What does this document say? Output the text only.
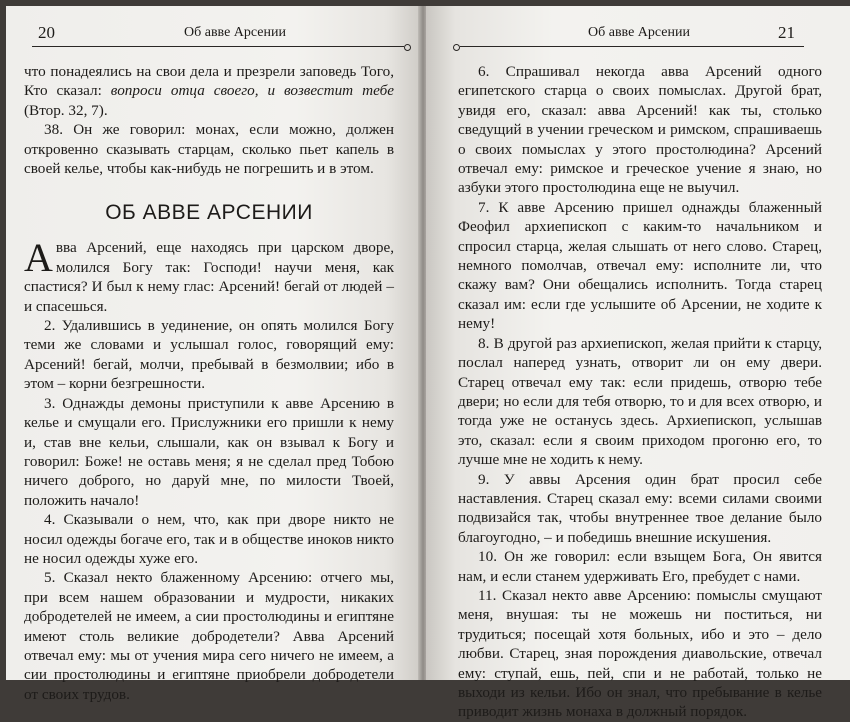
20	Об авве Арсении

что понадеялись на свои дела и презрели заповедь Того, Кто сказал: вопроси отца своего, и возвестит тебе (Втор. 32, 7).

38. Он же говорил: монах, если можно, должен откровенно сказывать старцам, сколько пьет капель в своей келье, чтобы как-нибудь не погрешить и в этом.

ОБ АВВЕ АРСЕНИИ

Авва Арсений, еще находясь при царском дворе, молился Богу так: Господи! научи меня, как спастися? И был к нему глас: Арсений! бегай от людей – и спасешься.

2. Удалившись в уединение, он опять молился Богу теми же словами и услышал голос, говорящий ему: Арсений! бегай, молчи, пребывай в безмолвии; ибо в этом – корни безгрешности.

3. Однажды демоны приступили к авве Арсению в келье и смущали его. Прислужники его пришли к нему и, став вне кельи, слышали, как он взывал к Богу и говорил: Боже! не оставь меня; я не сделал пред Тобою ничего доброго, но даруй мне, по милости Твоей, положить начало!

4. Сказывали о нем, что, как при дворе никто не носил одежды богаче его, так и в обществе иноков никто не носил одежды хуже его.

5. Сказал некто блаженному Арсению: отчего мы, при всем нашем образовании и мудрости, никаких добродетелей не имеем, а сии простолюдины и египтяне имеют столь великие добродетели? Авва Арсений отвечал ему: мы от учения мира сего ничего не имеем, а сии простолюдины и египтяне приобрели добродетели от своих трудов.

Об авве Арсении	21

6. Спрашивал некогда авва Арсений одного египетского старца о своих помыслах. Другой брат, увидя его, сказал: авва Арсений! как ты, столько сведущий в учении греческом и римском, спрашиваешь о своих помыслах у этого простолюдина? Арсений отвечал ему: римское и греческое учение я знаю, но азбуки этого простолюдина еще не выучил.

7. К авве Арсению пришел однажды блаженный Феофил архиепископ с каким-то начальником и спросил старца, желая слышать от него слово. Старец, немного помолчав, отвечал ему: исполните ли, что скажу вам? Они обещались исполнить. Тогда старец сказал им: если где услышите об Арсении, не ходите к нему!

8. В другой раз архиепископ, желая прийти к старцу, послал наперед узнать, отворит ли он ему двери. Старец отвечал ему так: если придешь, отворю тебе двери; но если для тебя отворю, то и для всех отворю, и тогда уже не останусь здесь. Архиепископ, услышав это, сказал: если я своим приходом прогоню его, то лучше мне не ходить к нему.

9. У аввы Арсения один брат просил себе наставления. Старец сказал ему: всеми силами своими подвизайся так, чтобы внутреннее твое делание было благоугодно, – и победишь внешние искушения.

10. Он же говорил: если взыщем Бога, Он явится нам, и если станем удерживать Его, пребудет с нами.

11. Сказал некто авве Арсению: помыслы смущают меня, внушая: ты не можешь ни поститься, ни трудиться; посещай хотя больных, ибо и это – дело любви. Старец, зная порождения диавольские, отвечал ему: ступай, ешь, пей, спи и не работай, только не выходи из кельи. Ибо он знал, что пребывание в келье приводит жизнь монаха в должный порядок.
